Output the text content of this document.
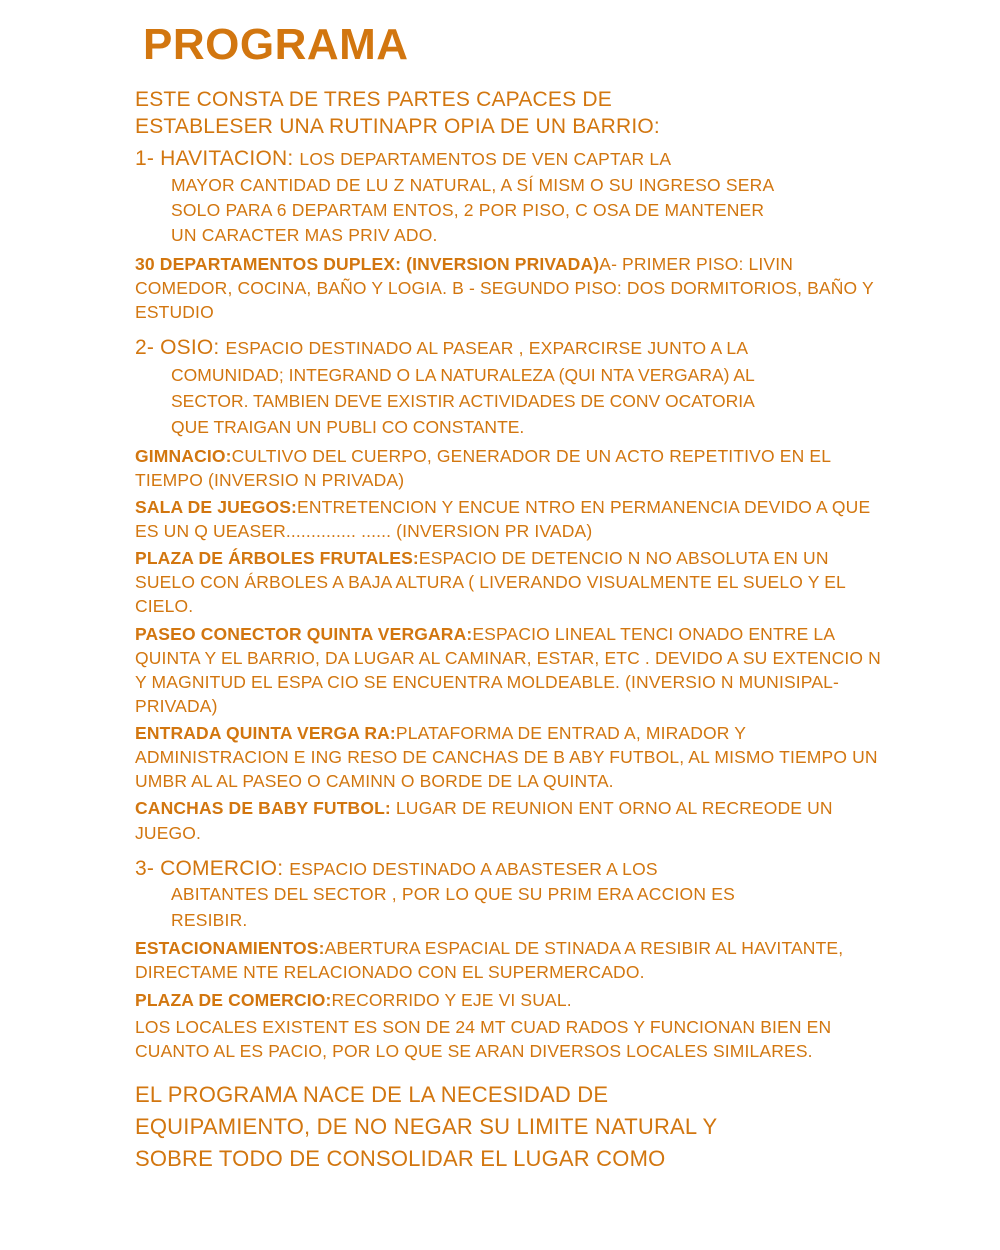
PROGRAMA
ESTE CONSTA DE TRES PARTES CAPACES DE
ESTABLESER UNA RUTINAPR OPIA DE UN BARRIO:
1- HAVITACION: LOS DEPARTAMENTOS DE VEN CAPTAR LA
MAYOR CANTIDAD DE LU Z NATURAL, A SÍ MISM O SU INGRESO SERA
SOLO PARA 6 DEPARTAM ENTOS, 2 POR PISO, C OSA DE MANTENER
UN CARACTER MAS PRIV ADO.
30 DEPARTAMENTOS DUPLEX: (INVERSION PRIVADA)A- PRIMER PISO: LIVIN COMEDOR, COCINA, BAÑO Y LOGIA. B - SEGUNDO PISO: DOS DORMITORIOS, BAÑO Y ESTUDIO
2- OSIO: ESPACIO DESTINADO AL PASEAR , EXPARCIRSE JUNTO A LA
COMUNIDAD; INTEGRAND O LA NATURALEZA (QUI NTA VERGARA) AL
SECTOR. TAMBIEN DEVE EXISTIR ACTIVIDADES DE CONV OCATORIA
QUE TRAIGAN UN PUBLI CO CONSTANTE.
GIMNACIO:CULTIVO DEL CUERPO, GENERADOR DE UN ACTO REPETITIVO EN EL TIEMPO (INVERSIO N PRIVADA)
SALA DE JUEGOS:ENTRETENCION Y ENCUE NTRO EN PERMANENCIA DEVIDO A QUE ES UN Q UEASER.............. ...... (INVERSION PR IVADA)
PLAZA DE ÁRBOLES FRUTALES:ESPACIO DE DETENCIO N NO ABSOLUTA EN UN SUELO CON ÁRBOLES A BAJA ALTURA ( LIVERANDO VISUALMENTE EL SUELO Y EL CIELO.
PASEO CONECTOR QUINTA VERGARA:ESPACIO LINEAL TENCI ONADO ENTRE LA QUINTA Y EL BARRIO, DA LUGAR AL CAMINAR, ESTAR, ETC . DEVIDO A SU EXTENCIO N Y MAGNITUD EL ESPA CIO SE ENCUENTRA MOLDEABLE. (INVERSIO N MUNISIPAL-PRIVADA)
ENTRADA QUINTA VERGA RA:PLATAFORMA DE ENTRAD A, MIRADOR Y ADMINISTRACION E ING RESO DE CANCHAS DE B ABY FUTBOL, AL MISMO TIEMPO UN UMBR AL AL PASEO O CAMINN O BORDE DE LA QUINTA.
CANCHAS DE BABY FUTBOL: LUGAR DE REUNION ENT ORNO AL RECREODE UN JUEGO.
3- COMERCIO: ESPACIO DESTINADO A ABASTESER A LOS
ABITANTES DEL SECTOR , POR LO QUE SU PRIM ERA ACCION ES
RESIBIR.
ESTACIONAMIENTOS:ABERTURA ESPACIAL DE STINADA A RESIBIR AL HAVITANTE, DIRECTAME NTE RELACIONADO CON EL SUPERMERCADO.
PLAZA DE COMERCIO:RECORRIDO Y EJE VI SUAL.
LOS LOCALES EXISTENT ES SON DE 24 MT CUAD RADOS Y FUNCIONAN BIEN EN CUANTO AL ES PACIO, POR LO QUE SE ARAN DIVERSOS LOCALES SIMILARES.
EL PROGRAMA NACE DE LA NECESIDAD DE
EQUIPAMIENTO, DE NO NEGAR SU LIMITE NATURAL Y
SOBRE TODO DE CONSOLIDAR EL LUGAR COMO
